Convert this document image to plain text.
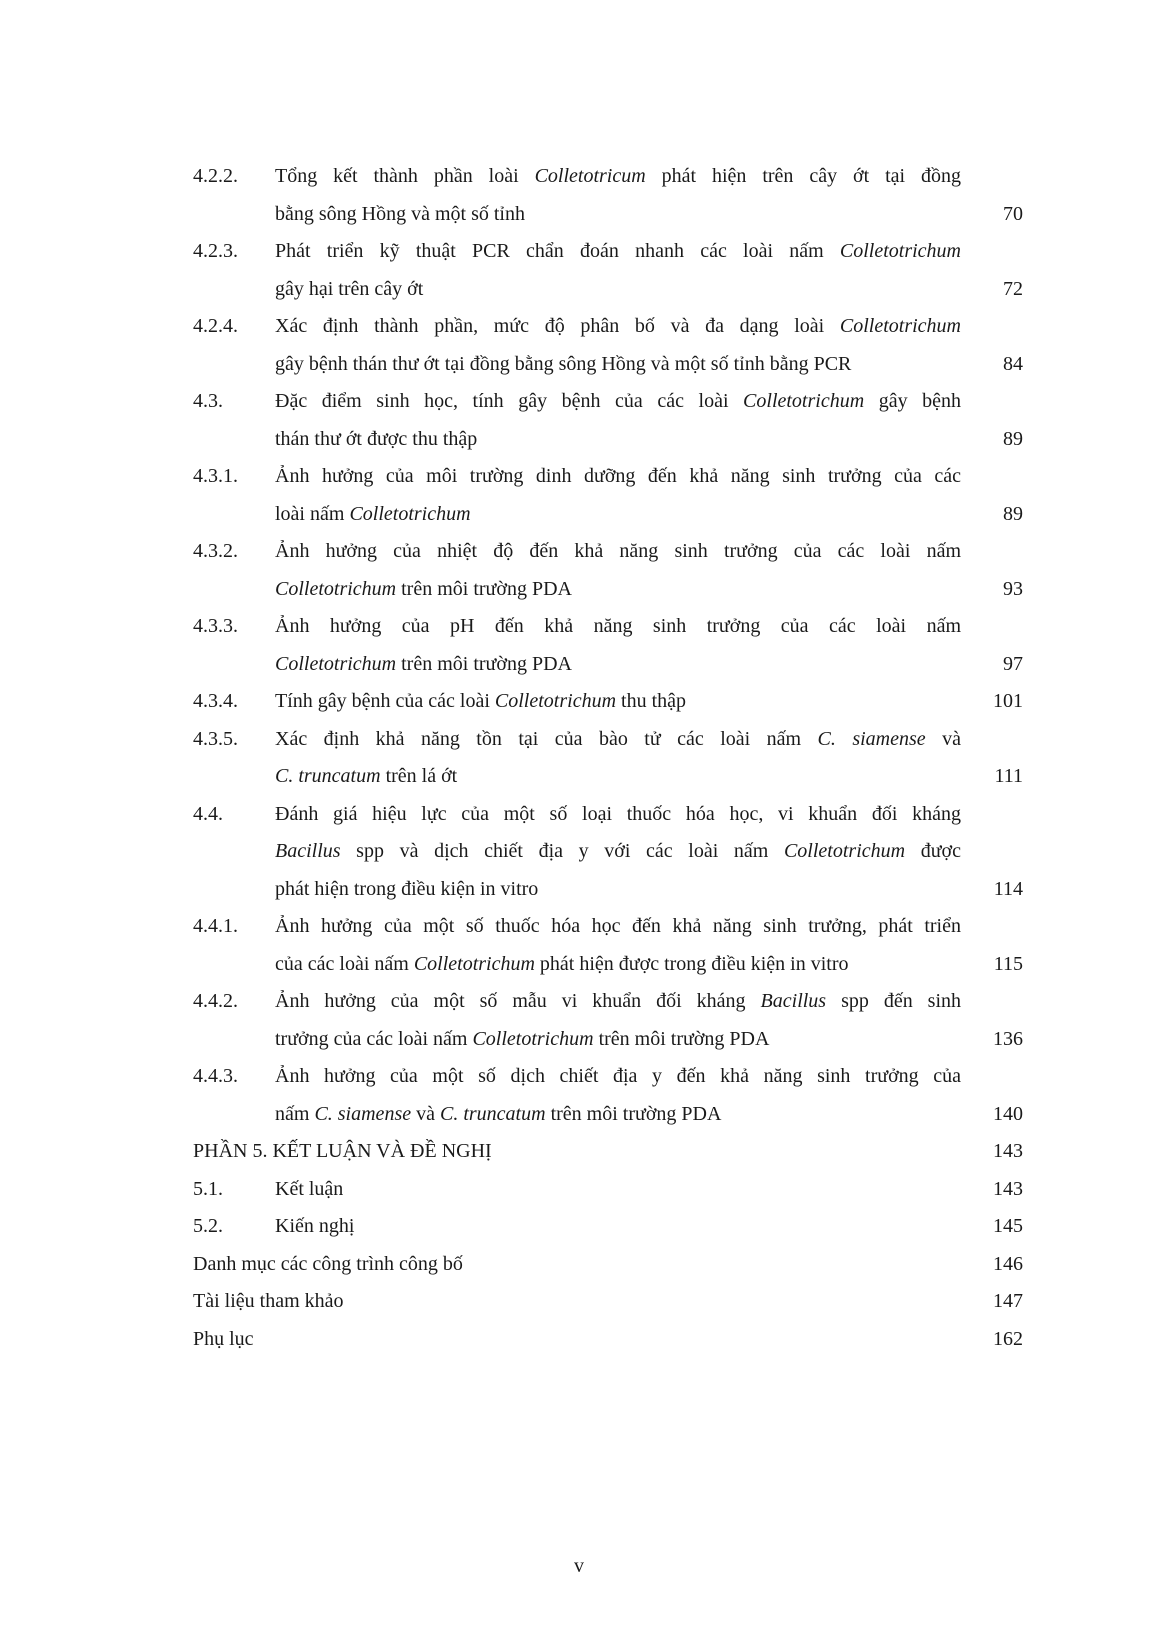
4.2.2.	Tổng kết thành phần loài Colletotricum phát hiện trên cây ớt tại đồng
bằng sông Hồng và một số tỉnh	70
4.2.3.	Phát triển kỹ thuật PCR chẩn đoán nhanh các loài nấm Colletotrichum
gây hại trên cây ớt	72
4.2.4.	Xác định thành phần, mức độ phân bố và đa dạng loài Colletotrichum
gây bệnh thán thư ớt tại đồng bằng sông Hồng và một số tỉnh bằng PCR	84
4.3.	Đặc điểm sinh học, tính gây bệnh của các loài Colletotrichum gây bệnh
thán thư ớt được thu thập	89
4.3.1.	Ảnh hưởng của môi trường dinh dưỡng đến khả năng sinh trưởng của các
loài nấm Colletotrichum	89
4.3.2.	Ảnh hưởng của nhiệt độ đến khả năng sinh trưởng của các loài nấm
Colletotrichum trên môi trường PDA	93
4.3.3.	Ảnh hưởng của pH đến khả năng sinh trưởng của các loài nấm
Colletotrichum trên môi trường PDA	97
4.3.4.	Tính gây bệnh của các loài Colletotrichum thu thập	101
4.3.5.	Xác định khả năng tồn tại của bào tử các loài nấm C. siamense và
C. truncatum trên lá ớt	111
4.4.	Đánh giá hiệu lực của một số loại thuốc hóa học, vi khuẩn đối kháng
Bacillus spp và dịch chiết địa y với các loài nấm Colletotrichum được
phát hiện trong điều kiện in vitro	114
4.4.1.	Ảnh hưởng của một số thuốc hóa học đến khả năng sinh trưởng, phát triển
của các loài nấm Colletotrichum phát hiện được trong điều kiện in vitro	115
4.4.2.	Ảnh hưởng của một số mẫu vi khuẩn đối kháng Bacillus spp đến sinh
trưởng của các loài nấm Colletotrichum trên môi trường PDA	136
4.4.3.	Ảnh hưởng của một số dịch chiết địa y đến khả năng sinh trưởng của
nấm C. siamense và C. truncatum trên môi trường PDA	140
PHẦN 5. KẾT LUẬN VÀ ĐỀ NGHỊ	143
5.1.	Kết luận	143
5.2.	Kiến nghị	145
Danh mục các công trình công bố	146
Tài liệu tham khảo	147
Phụ lục	162
v
